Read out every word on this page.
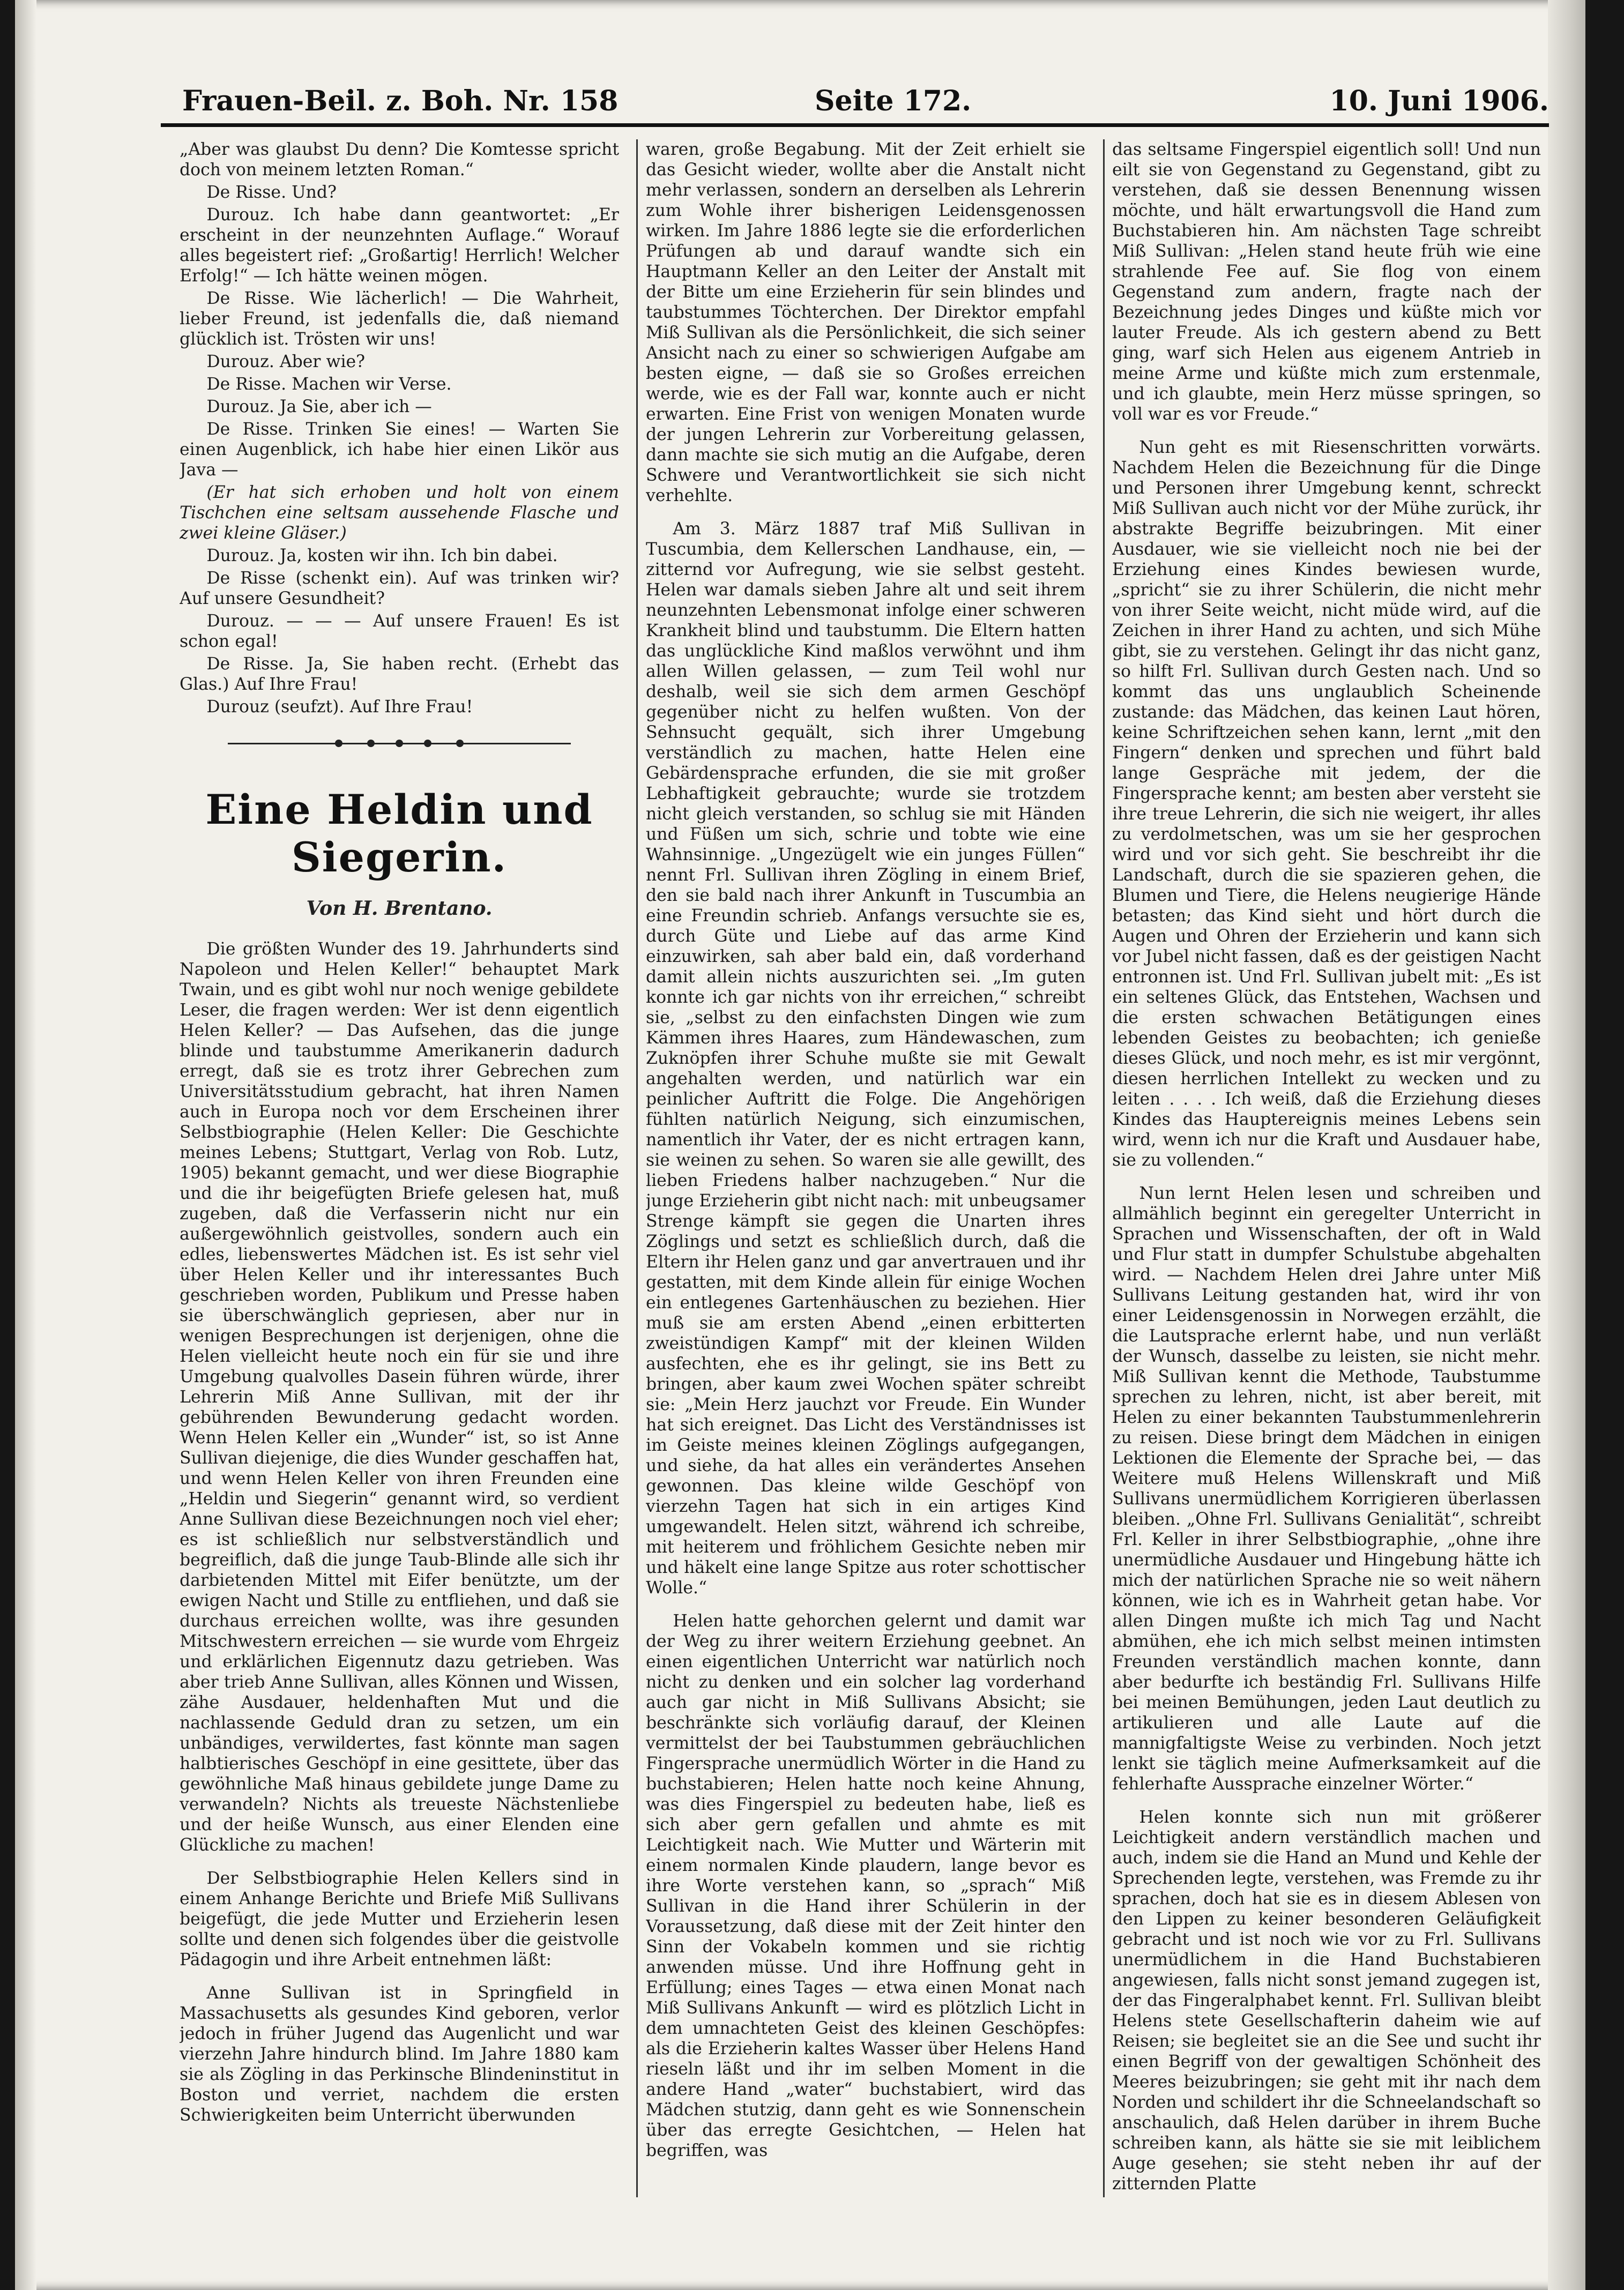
Frauen-Beil. z. Boh. Nr. 158	Seite 172.	10. Juni 1906.

„Aber was glaubst Du denn? Die Komtesse spricht doch von meinem letzten Roman.“

De Risse. Und?

Durouz. Ich habe dann geantwortet: „Er erscheint in der neunzehnten Auflage.“ Worauf alles begeistert rief: „Großartig! Herrlich! Welcher Erfolg!“ — Ich hätte weinen mögen.

De Risse. Wie lächerlich! — Die Wahrheit, lieber Freund, ist jedenfalls die, daß niemand glücklich ist. Trösten wir uns!

Durouz. Aber wie?

De Risse. Machen wir Verse.

Durouz. Ja Sie, aber ich —

De Risse. Trinken Sie eines! — Warten Sie einen Augenblick, ich habe hier einen Likör aus Java —

(Er hat sich erhoben und holt von einem Tischchen eine seltsam aussehende Flasche und zwei kleine Gläser.)

Durouz. Ja, kosten wir ihn. Ich bin dabei.

De Risse (schenkt ein). Auf was trinken wir? Auf unsere Gesundheit?

Durouz. — — — Auf unsere Frauen! Es ist schon egal!

De Risse. Ja, Sie haben recht. (Erhebt das Glas.) Auf Ihre Frau!

Durouz (seufzt). Auf Ihre Frau!

Eine Heldin und Siegerin.
Von H. Brentano.

Die größten Wunder des 19. Jahrhunderts sind Napoleon und Helen Keller!“ behauptet Mark Twain, und es gibt wohl nur noch wenige gebildete Leser, die fragen werden: Wer ist denn eigentlich Helen Keller? — Das Aufsehen, das die junge blinde und taubstumme Amerikanerin dadurch erregt, daß sie es trotz ihrer Gebrechen zum Universitätsstudium gebracht, hat ihren Namen auch in Europa noch vor dem Erscheinen ihrer Selbstbiographie (Helen Keller: Die Geschichte meines Lebens; Stuttgart, Verlag von Rob. Lutz, 1905) bekannt gemacht, und wer diese Biographie und die ihr beigefügten Briefe gelesen hat, muß zugeben, daß die Verfasserin nicht nur ein außergewöhnlich geistvolles, sondern auch ein edles, liebenswertes Mädchen ist. Es ist sehr viel über Helen Keller und ihr interessantes Buch geschrieben worden, Publikum und Presse haben sie überschwänglich gepriesen, aber nur in wenigen Besprechungen ist derjenigen, ohne die Helen vielleicht heute noch ein für sie und ihre Umgebung qualvolles Dasein führen würde, ihrer Lehrerin Miß Anne Sullivan, mit der ihr gebührenden Bewunderung gedacht worden. Wenn Helen Keller ein „Wunder“ ist, so ist Anne Sullivan diejenige, die dies Wunder geschaffen hat, und wenn Helen Keller von ihren Freunden eine „Heldin und Siegerin“ genannt wird, so verdient Anne Sullivan diese Bezeichnungen noch viel eher; es ist schließlich nur selbstverständlich und begreiflich, daß die junge Taub-Blinde alle sich ihr darbietenden Mittel mit Eifer benützte, um der ewigen Nacht und Stille zu entfliehen, und daß sie durchaus erreichen wollte, was ihre gesunden Mitschwestern erreichen — sie wurde vom Ehrgeiz und erklärlichen Eigennutz dazu getrieben. Was aber trieb Anne Sullivan, alles Können und Wissen, zähe Ausdauer, heldenhaften Mut und die nachlassende Geduld dran zu setzen, um ein unbändiges, verwildertes, fast könnte man sagen halbtierisches Geschöpf in eine gesittete, über das gewöhnliche Maß hinaus gebildete junge Dame zu verwandeln? Nichts als treueste Nächstenliebe und der heiße Wunsch, aus einer Elenden eine Glückliche zu machen!

Der Selbstbiographie Helen Kellers sind in einem Anhange Berichte und Briefe Miß Sullivans beigefügt, die jede Mutter und Erzieherin lesen sollte und denen sich folgendes über die geistvolle Pädagogin und ihre Arbeit entnehmen läßt:

Anne Sullivan ist in Springfield in Massachusetts als gesundes Kind geboren, verlor jedoch in früher Jugend das Augenlicht und war vierzehn Jahre hindurch blind. Im Jahre 1880 kam sie als Zögling in das Perkinsche Blindeninstitut in Boston und verriet, nachdem die ersten Schwierigkeiten beim Unterricht überwunden

waren, große Begabung. Mit der Zeit erhielt sie das Gesicht wieder, wollte aber die Anstalt nicht mehr verlassen, sondern an derselben als Lehrerin zum Wohle ihrer bisherigen Leidensgenossen wirken. Im Jahre 1886 legte sie die erforderlichen Prüfungen ab und darauf wandte sich ein Hauptmann Keller an den Leiter der Anstalt mit der Bitte um eine Erzieherin für sein blindes und taubstummes Töchterchen. Der Direktor empfahl Miß Sullivan als die Persönlichkeit, die sich seiner Ansicht nach zu einer so schwierigen Aufgabe am besten eigne, — daß sie so Großes erreichen werde, wie es der Fall war, konnte auch er nicht erwarten. Eine Frist von wenigen Monaten wurde der jungen Lehrerin zur Vorbereitung gelassen, dann machte sie sich mutig an die Aufgabe, deren Schwere und Verantwortlichkeit sie sich nicht verhehlte.

Am 3. März 1887 traf Miß Sullivan in Tuscumbia, dem Kellerschen Landhause, ein, — zitternd vor Aufregung, wie sie selbst gesteht. Helen war damals sieben Jahre alt und seit ihrem neunzehnten Lebensmonat infolge einer schweren Krankheit blind und taubstumm. Die Eltern hatten das unglückliche Kind maßlos verwöhnt und ihm allen Willen gelassen, — zum Teil wohl nur deshalb, weil sie sich dem armen Geschöpf gegenüber nicht zu helfen wußten. Von der Sehnsucht gequält, sich ihrer Umgebung verständlich zu machen, hatte Helen eine Gebärdensprache erfunden, die sie mit großer Lebhaftigkeit gebrauchte; wurde sie trotzdem nicht gleich verstanden, so schlug sie mit Händen und Füßen um sich, schrie und tobte wie eine Wahnsinnige. „Ungezügelt wie ein junges Füllen“ nennt Frl. Sullivan ihren Zögling in einem Brief, den sie bald nach ihrer Ankunft in Tuscumbia an eine Freundin schrieb. Anfangs versuchte sie es, durch Güte und Liebe auf das arme Kind einzuwirken, sah aber bald ein, daß vorderhand damit allein nichts auszurichten sei. „Im guten konnte ich gar nichts von ihr erreichen,“ schreibt sie, „selbst zu den einfachsten Dingen wie zum Kämmen ihres Haares, zum Händewaschen, zum Zuknöpfen ihrer Schuhe mußte sie mit Gewalt angehalten werden, und natürlich war ein peinlicher Auftritt die Folge. Die Angehörigen fühlten natürlich Neigung, sich einzumischen, namentlich ihr Vater, der es nicht ertragen kann, sie weinen zu sehen. So waren sie alle gewillt, des lieben Friedens halber nachzugeben.“ Nur die junge Erzieherin gibt nicht nach: mit unbeugsamer Strenge kämpft sie gegen die Unarten ihres Zöglings und setzt es schließlich durch, daß die Eltern ihr Helen ganz und gar anvertrauen und ihr gestatten, mit dem Kinde allein für einige Wochen ein entlegenes Gartenhäuschen zu beziehen. Hier muß sie am ersten Abend „einen erbitterten zweistündigen Kampf“ mit der kleinen Wilden ausfechten, ehe es ihr gelingt, sie ins Bett zu bringen, aber kaum zwei Wochen später schreibt sie: „Mein Herz jauchzt vor Freude. Ein Wunder hat sich ereignet. Das Licht des Verständnisses ist im Geiste meines kleinen Zöglings aufgegangen, und siehe, da hat alles ein verändertes Ansehen gewonnen. Das kleine wilde Geschöpf von vierzehn Tagen hat sich in ein artiges Kind umgewandelt. Helen sitzt, während ich schreibe, mit heiterem und fröhlichem Gesichte neben mir und häkelt eine lange Spitze aus roter schottischer Wolle.“

Helen hatte gehorchen gelernt und damit war der Weg zu ihrer weitern Erziehung geebnet. An einen eigentlichen Unterricht war natürlich noch nicht zu denken und ein solcher lag vorderhand auch gar nicht in Miß Sullivans Absicht; sie beschränkte sich vorläufig darauf, der Kleinen vermittelst der bei Taubstummen gebräuchlichen Fingersprache unermüdlich Wörter in die Hand zu buchstabieren; Helen hatte noch keine Ahnung, was dies Fingerspiel zu bedeuten habe, ließ es sich aber gern gefallen und ahmte es mit Leichtigkeit nach. Wie Mutter und Wärterin mit einem normalen Kinde plaudern, lange bevor es ihre Worte verstehen kann, so „sprach“ Miß Sullivan in die Hand ihrer Schülerin in der Voraussetzung, daß diese mit der Zeit hinter den Sinn der Vokabeln kommen und sie richtig anwenden müsse. Und ihre Hoffnung geht in Erfüllung; eines Tages — etwa einen Monat nach Miß Sullivans Ankunft — wird es plötzlich Licht in dem umnachteten Geist des kleinen Geschöpfes: als die Erzieherin kaltes Wasser über Helens Hand rieseln läßt und ihr im selben Moment in die andere Hand „water“ buchstabiert, wird das Mädchen stutzig, dann geht es wie Sonnenschein über das erregte Gesichtchen, — Helen hat begriffen, was

das seltsame Fingerspiel eigentlich soll! Und nun eilt sie von Gegenstand zu Gegenstand, gibt zu verstehen, daß sie dessen Benennung wissen möchte, und hält erwartungsvoll die Hand zum Buchstabieren hin. Am nächsten Tage schreibt Miß Sullivan: „Helen stand heute früh wie eine strahlende Fee auf. Sie flog von einem Gegenstand zum andern, fragte nach der Bezeichnung jedes Dinges und küßte mich vor lauter Freude. Als ich gestern abend zu Bett ging, warf sich Helen aus eigenem Antrieb in meine Arme und küßte mich zum erstenmale, und ich glaubte, mein Herz müsse springen, so voll war es vor Freude.“

Nun geht es mit Riesenschritten vorwärts. Nachdem Helen die Bezeichnung für die Dinge und Personen ihrer Umgebung kennt, schreckt Miß Sullivan auch nicht vor der Mühe zurück, ihr abstrakte Begriffe beizubringen. Mit einer Ausdauer, wie sie vielleicht noch nie bei der Erziehung eines Kindes bewiesen wurde, „spricht“ sie zu ihrer Schülerin, die nicht mehr von ihrer Seite weicht, nicht müde wird, auf die Zeichen in ihrer Hand zu achten, und sich Mühe gibt, sie zu verstehen. Gelingt ihr das nicht ganz, so hilft Frl. Sullivan durch Gesten nach. Und so kommt das uns unglaublich Scheinende zustande: das Mädchen, das keinen Laut hören, keine Schriftzeichen sehen kann, lernt „mit den Fingern“ denken und sprechen und führt bald lange Gespräche mit jedem, der die Fingersprache kennt; am besten aber versteht sie ihre treue Lehrerin, die sich nie weigert, ihr alles zu verdolmetschen, was um sie her gesprochen wird und vor sich geht. Sie beschreibt ihr die Landschaft, durch die sie spazieren gehen, die Blumen und Tiere, die Helens neugierige Hände betasten; das Kind sieht und hört durch die Augen und Ohren der Erzieherin und kann sich vor Jubel nicht fassen, daß es der geistigen Nacht entronnen ist. Und Frl. Sullivan jubelt mit: „Es ist ein seltenes Glück, das Entstehen, Wachsen und die ersten schwachen Betätigungen eines lebenden Geistes zu beobachten; ich genieße dieses Glück, und noch mehr, es ist mir vergönnt, diesen herrlichen Intellekt zu wecken und zu leiten . . . . Ich weiß, daß die Erziehung dieses Kindes das Hauptereignis meines Lebens sein wird, wenn ich nur die Kraft und Ausdauer habe, sie zu vollenden.“

Nun lernt Helen lesen und schreiben und allmählich beginnt ein geregelter Unterricht in Sprachen und Wissenschaften, der oft in Wald und Flur statt in dumpfer Schulstube abgehalten wird. — Nachdem Helen drei Jahre unter Miß Sullivans Leitung gestanden hat, wird ihr von einer Leidensgenossin in Norwegen erzählt, die die Lautsprache erlernt habe, und nun verläßt der Wunsch, dasselbe zu leisten, sie nicht mehr. Miß Sullivan kennt die Methode, Taubstumme sprechen zu lehren, nicht, ist aber bereit, mit Helen zu einer bekannten Taubstummenlehrerin zu reisen. Diese bringt dem Mädchen in einigen Lektionen die Elemente der Sprache bei, — das Weitere muß Helens Willenskraft und Miß Sullivans unermüdlichem Korrigieren überlassen bleiben. „Ohne Frl. Sullivans Genialität“, schreibt Frl. Keller in ihrer Selbstbiographie, „ohne ihre unermüdliche Ausdauer und Hingebung hätte ich mich der natürlichen Sprache nie so weit nähern können, wie ich es in Wahrheit getan habe. Vor allen Dingen mußte ich mich Tag und Nacht abmühen, ehe ich mich selbst meinen intimsten Freunden verständlich machen konnte, dann aber bedurfte ich beständig Frl. Sullivans Hilfe bei meinen Bemühungen, jeden Laut deutlich zu artikulieren und alle Laute auf die mannigfaltigste Weise zu verbinden. Noch jetzt lenkt sie täglich meine Aufmerksamkeit auf die fehlerhafte Aussprache einzelner Wörter.“

Helen konnte sich nun mit größerer Leichtigkeit andern verständlich machen und auch, indem sie die Hand an Mund und Kehle der Sprechenden legte, verstehen, was Fremde zu ihr sprachen, doch hat sie es in diesem Ablesen von den Lippen zu keiner besonderen Geläufigkeit gebracht und ist noch wie vor zu Frl. Sullivans unermüdlichem in die Hand Buchstabieren angewiesen, falls nicht sonst jemand zugegen ist, der das Fingeralphabet kennt. Frl. Sullivan bleibt Helens stete Gesellschafterin daheim wie auf Reisen; sie begleitet sie an die See und sucht ihr einen Begriff von der gewaltigen Schönheit des Meeres beizubringen; sie geht mit ihr nach dem Norden und schildert ihr die Schneelandschaft so anschaulich, daß Helen darüber in ihrem Buche schreiben kann, als hätte sie sie mit leiblichem Auge gesehen; sie steht neben ihr auf der zitternden Platte
